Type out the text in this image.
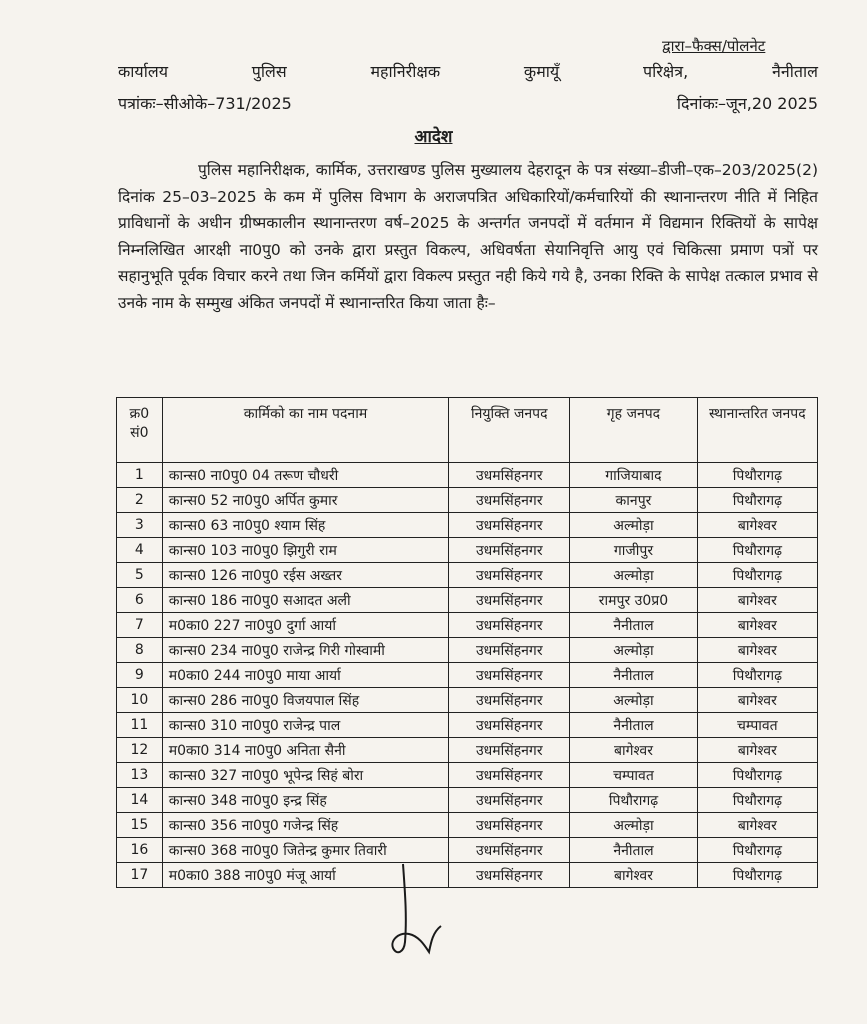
द्वारा–फैक्स/पोलनेट
कार्यालय	पुलिस	महानिरीक्षक	कुमायूँ	परिक्षेत्र,	नैनीताल
पत्रांकः–सीओके–731/2025	दिनांकः–जून,20 2025
आदेश
पुलिस महानिरीक्षक, कार्मिक, उत्तराखण्ड पुलिस मुख्यालय देहरादून के पत्र संख्या–डीजी–एक–203/2025(2) दिनांक 25–03–2025 के कम में पुलिस विभाग के अराजपत्रित अधिकारियों/कर्मचारियों की स्थानान्तरण नीति में निहित प्राविधानों के अधीन ग्रीष्मकालीन स्थानान्तरण वर्ष–2025 के अन्तर्गत जनपदों में वर्तमान में विद्यमान रिक्तियों के सापेक्ष निम्नलिखित आरक्षी ना0पु0 को उनके द्वारा प्रस्तुत विकल्प, अधिवर्षता सेयानिवृत्ति आयु एवं चिकित्सा प्रमाण पत्रों पर सहानुभूति पूर्वक विचार करने तथा जिन कर्मियों द्वारा विकल्प प्रस्तुत नही किये गये है, उनका रिक्ति के सापेक्ष तत्काल प्रभाव से उनके नाम के सम्मुख अंकित जनपदों में स्थानान्तरित किया जाता हैः–
क्र0 सं0	कार्मिको का नाम पदनाम	नियुक्ति जनपद	गृह जनपद	स्थानान्तरित जनपद
1	कान्स0 ना0पु0 04 तरूण चौधरी	उधमसिंहनगर	गाजियाबाद	पिथौरागढ़
2	कान्स0 52 ना0पु0 अर्पित कुमार	उधमसिंहनगर	कानपुर	पिथौरागढ़
3	कान्स0 63 ना0पु0 श्याम सिंह	उधमसिंहनगर	अल्मोड़ा	बागेश्वर
4	कान्स0 103 ना0पु0 झिगुरी राम	उधमसिंहनगर	गाजीपुर	पिथौरागढ़
5	कान्स0 126 ना0पु0 रईस अख्तर	उधमसिंहनगर	अल्मोड़ा	पिथौरागढ़
6	कान्स0 186 ना0पु0 सआदत अली	उधमसिंहनगर	रामपुर उ0प्र0	बागेश्वर
7	म0का0 227 ना0पु0 दुर्गा आर्या	उधमसिंहनगर	नैनीताल	बागेश्वर
8	कान्स0 234 ना0पु0 राजेन्द्र गिरी गोस्वामी	उधमसिंहनगर	अल्मोड़ा	बागेश्वर
9	म0का0 244 ना0पु0 माया आर्या	उधमसिंहनगर	नैनीताल	पिथौरागढ़
10	कान्स0 286 ना0पु0 विजयपाल सिंह	उधमसिंहनगर	अल्मोड़ा	बागेश्वर
11	कान्स0 310 ना0पु0 राजेन्द्र पाल	उधमसिंहनगर	नैनीताल	चम्पावत
12	म0का0 314 ना0पु0 अनिता सैनी	उधमसिंहनगर	बागेश्वर	बागेश्वर
13	कान्स0 327 ना0पु0 भूपेन्द्र सिहं बोरा	उधमसिंहनगर	चम्पावत	पिथौरागढ़
14	कान्स0 348 ना0पु0 इन्द्र सिंह	उधमसिंहनगर	पिथौरागढ़	पिथौरागढ़
15	कान्स0 356 ना0पु0 गजेन्द्र सिंह	उधमसिंहनगर	अल्मोड़ा	बागेश्वर
16	कान्स0 368 ना0पु0 जितेन्द्र कुमार तिवारी	उधमसिंहनगर	नैनीताल	पिथौरागढ़
17	म0का0 388 ना0पु0 मंजू आर्या	उधमसिंहनगर	बागेश्वर	पिथौरागढ़
